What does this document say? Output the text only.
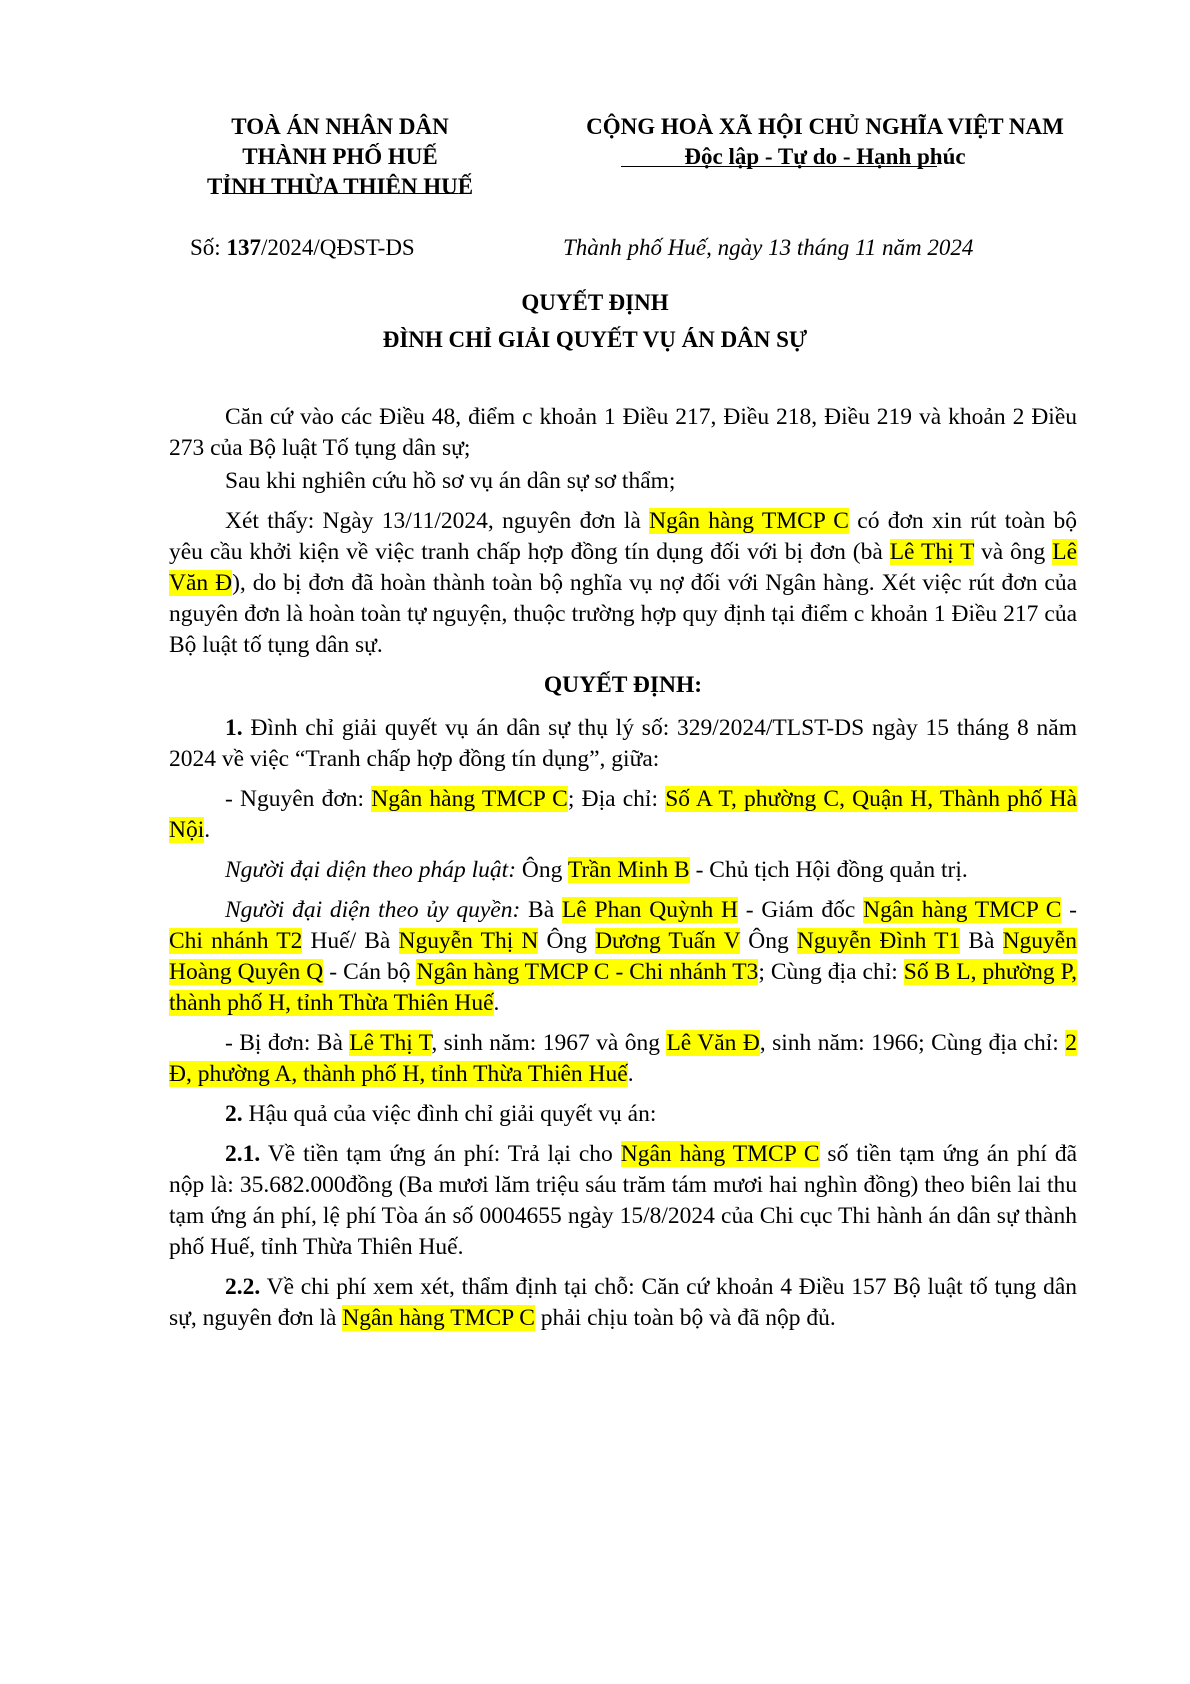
TOÀ ÁN NHÂN DÂN
THÀNH PHỐ HUẾ
TỈNH THỪA THIÊN HUẾ
CỘNG HOÀ XÃ HỘI CHỦ NGHĨA VIỆT NAM
Độc lập - Tự do - Hạnh phúc
Số: 137/2024/QĐST-DS	Thành phố Huế, ngày 13 tháng 11 năm 2024
QUYẾT ĐỊNH
ĐÌNH CHỈ GIẢI QUYẾT VỤ ÁN DÂN SỰ

Căn cứ vào các Điều 48, điểm c khoản 1 Điều 217, Điều 218, Điều 219 và khoản 2 Điều 273 của Bộ luật Tố tụng dân sự;

Sau khi nghiên cứu hồ sơ vụ án dân sự sơ thẩm;

Xét thấy: Ngày 13/11/2024, nguyên đơn là Ngân hàng TMCP C có đơn xin rút toàn bộ yêu cầu khởi kiện về việc tranh chấp hợp đồng tín dụng đối với bị đơn (bà Lê Thị T và ông Lê Văn Đ), do bị đơn đã hoàn thành toàn bộ nghĩa vụ nợ đối với Ngân hàng. Xét việc rút đơn của nguyên đơn là hoàn toàn tự nguyện, thuộc trường hợp quy định tại điểm c khoản 1 Điều 217 của Bộ luật tố tụng dân sự.

QUYẾT ĐỊNH:

1. Đình chỉ giải quyết vụ án dân sự thụ lý số: 329/2024/TLST-DS ngày 15 tháng 8 năm 2024 về việc “Tranh chấp hợp đồng tín dụng”, giữa:

- Nguyên đơn: Ngân hàng TMCP C; Địa chỉ: Số A T, phường C, Quận H, Thành phố Hà Nội.

Người đại diện theo pháp luật: Ông Trần Minh B - Chủ tịch Hội đồng quản trị.

Người đại diện theo ủy quyền: Bà Lê Phan Quỳnh H - Giám đốc Ngân hàng TMCP C - Chi nhánh T2 Huế/ Bà Nguyễn Thị N Ông Dương Tuấn V Ông Nguyễn Đình T1 Bà Nguyễn Hoàng Quyên Q - Cán bộ Ngân hàng TMCP C - Chi nhánh T3; Cùng địa chỉ: Số B L, phường P, thành phố H, tỉnh Thừa Thiên Huế.

- Bị đơn: Bà Lê Thị T, sinh năm: 1967 và ông Lê Văn Đ, sinh năm: 1966; Cùng địa chỉ: 2 Đ, phường A, thành phố H, tỉnh Thừa Thiên Huế.

2. Hậu quả của việc đình chỉ giải quyết vụ án:

2.1. Về tiền tạm ứng án phí: Trả lại cho Ngân hàng TMCP C số tiền tạm ứng án phí đã nộp là: 35.682.000đồng (Ba mươi lăm triệu sáu trăm tám mươi hai nghìn đồng) theo biên lai thu tạm ứng án phí, lệ phí Tòa án số 0004655 ngày 15/8/2024 của Chi cục Thi hành án dân sự thành phố Huế, tỉnh Thừa Thiên Huế.

2.2. Về chi phí xem xét, thẩm định tại chỗ: Căn cứ khoản 4 Điều 157 Bộ luật tố tụng dân sự, nguyên đơn là Ngân hàng TMCP C phải chịu toàn bộ và đã nộp đủ.
